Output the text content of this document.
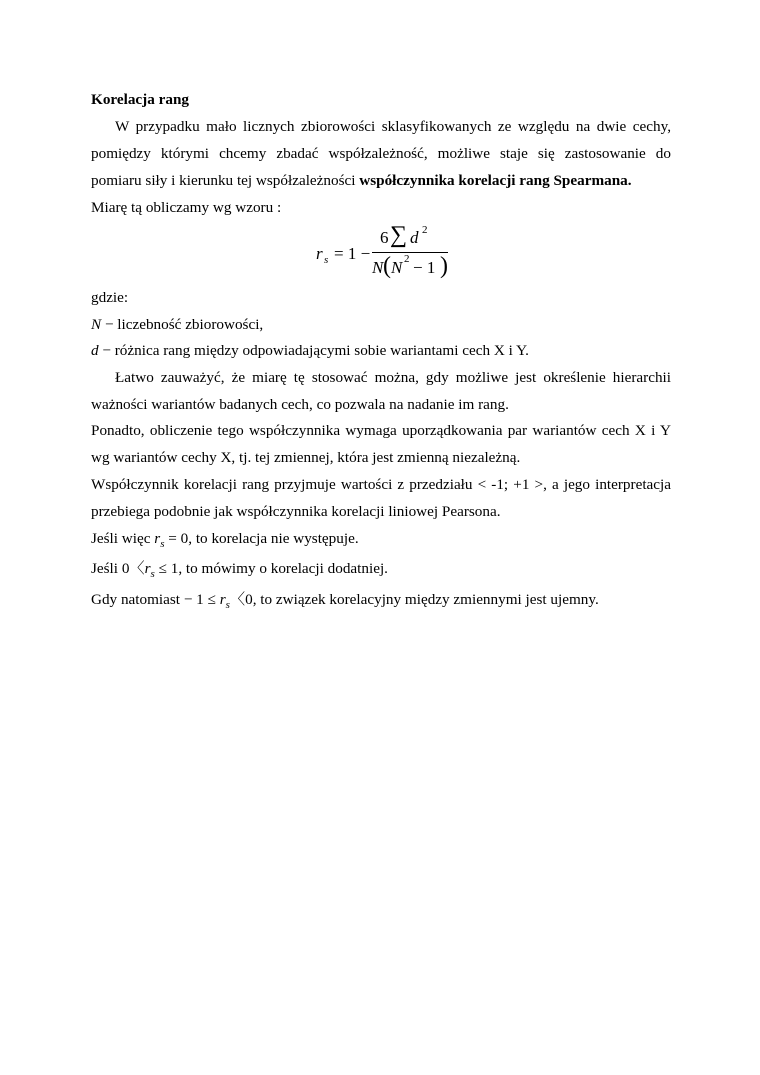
Korelacja rang
W przypadku mało licznych zbiorowości sklasyfikowanych ze względu na dwie cechy,
pomiędzy którymi chcemy zbadać współzależność, możliwe staje się zastosowanie do
pomiaru siły i kierunku tej współzależności współczynnika korelacji rang Spearmana.
Miarę tą obliczamy wg wzoru :
r s = 1 −
6 ∑ d 2
N ( N 2 − 1 )
gdzie:
N − liczebność zbiorowości,
d − różnica rang między odpowiadającymi sobie wariantami cech X i Y.
Łatwo zauważyć, że miarę tę stosować można, gdy możliwe jest określenie hierarchii
ważności wariantów badanych cech, co pozwala na nadanie im rang.
Ponadto, obliczenie tego współczynnika wymaga uporządkowania par wariantów cech X i Y
wg wariantów cechy X, tj. tej zmiennej, która jest zmienną niezależną.
Współczynnik korelacji rang przyjmuje wartości z przedziału < -1; +1 >, a jego interpretacja
przebiega podobnie jak współczynnika korelacji liniowej Pearsona.
Jeśli więc $r_s = 0$, to korelacja nie występuje.
Jeśli 0〈$r_s \le 1$, to mówimy o korelacji dodatniej.
Gdy natomiast − $1 \le r_s$〈0, to związek korelacyjny między zmiennymi jest ujemny.
